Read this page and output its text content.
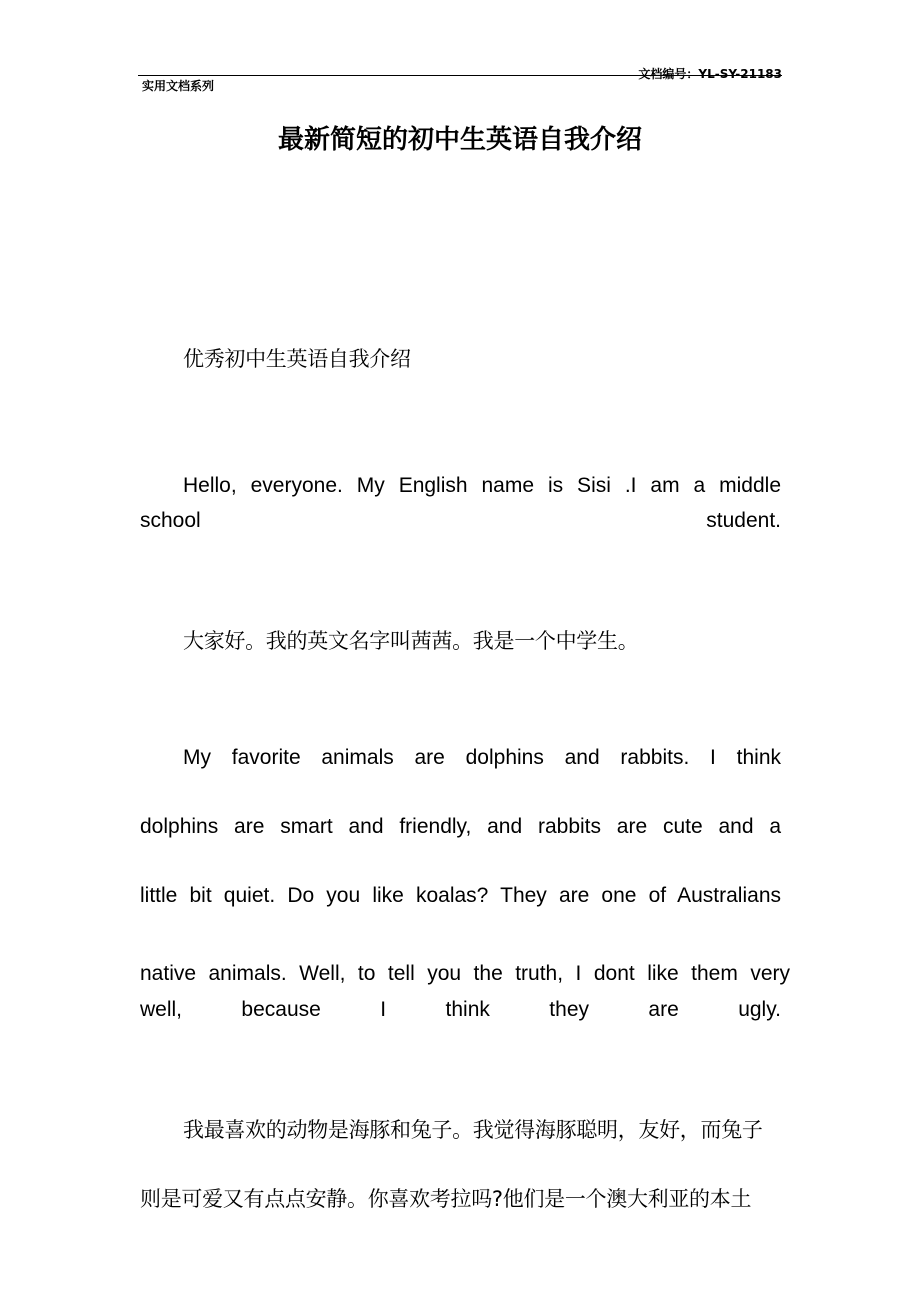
文档编号：YL-SY-21183
实用文档系列
最新简短的初中生英语自我介绍
优秀初中生英语自我介绍
Hello, everyone. My English name is Sisi .I am a middle
school student.
大家好。我的英文名字叫茜茜。我是一个中学生。
My favorite animals are dolphins and rabbits. I think
dolphins are smart and friendly, and rabbits are cute and a
little bit quiet. Do you like koalas? They are one of Australians
native animals. Well, to tell you the truth, I dont like them very
well, because I think they are ugly.
我最喜欢的动物是海豚和兔子。我觉得海豚聪明，友好，而兔子
则是可爱又有点点安静。你喜欢考拉吗?他们是一个澳大利亚的本土
